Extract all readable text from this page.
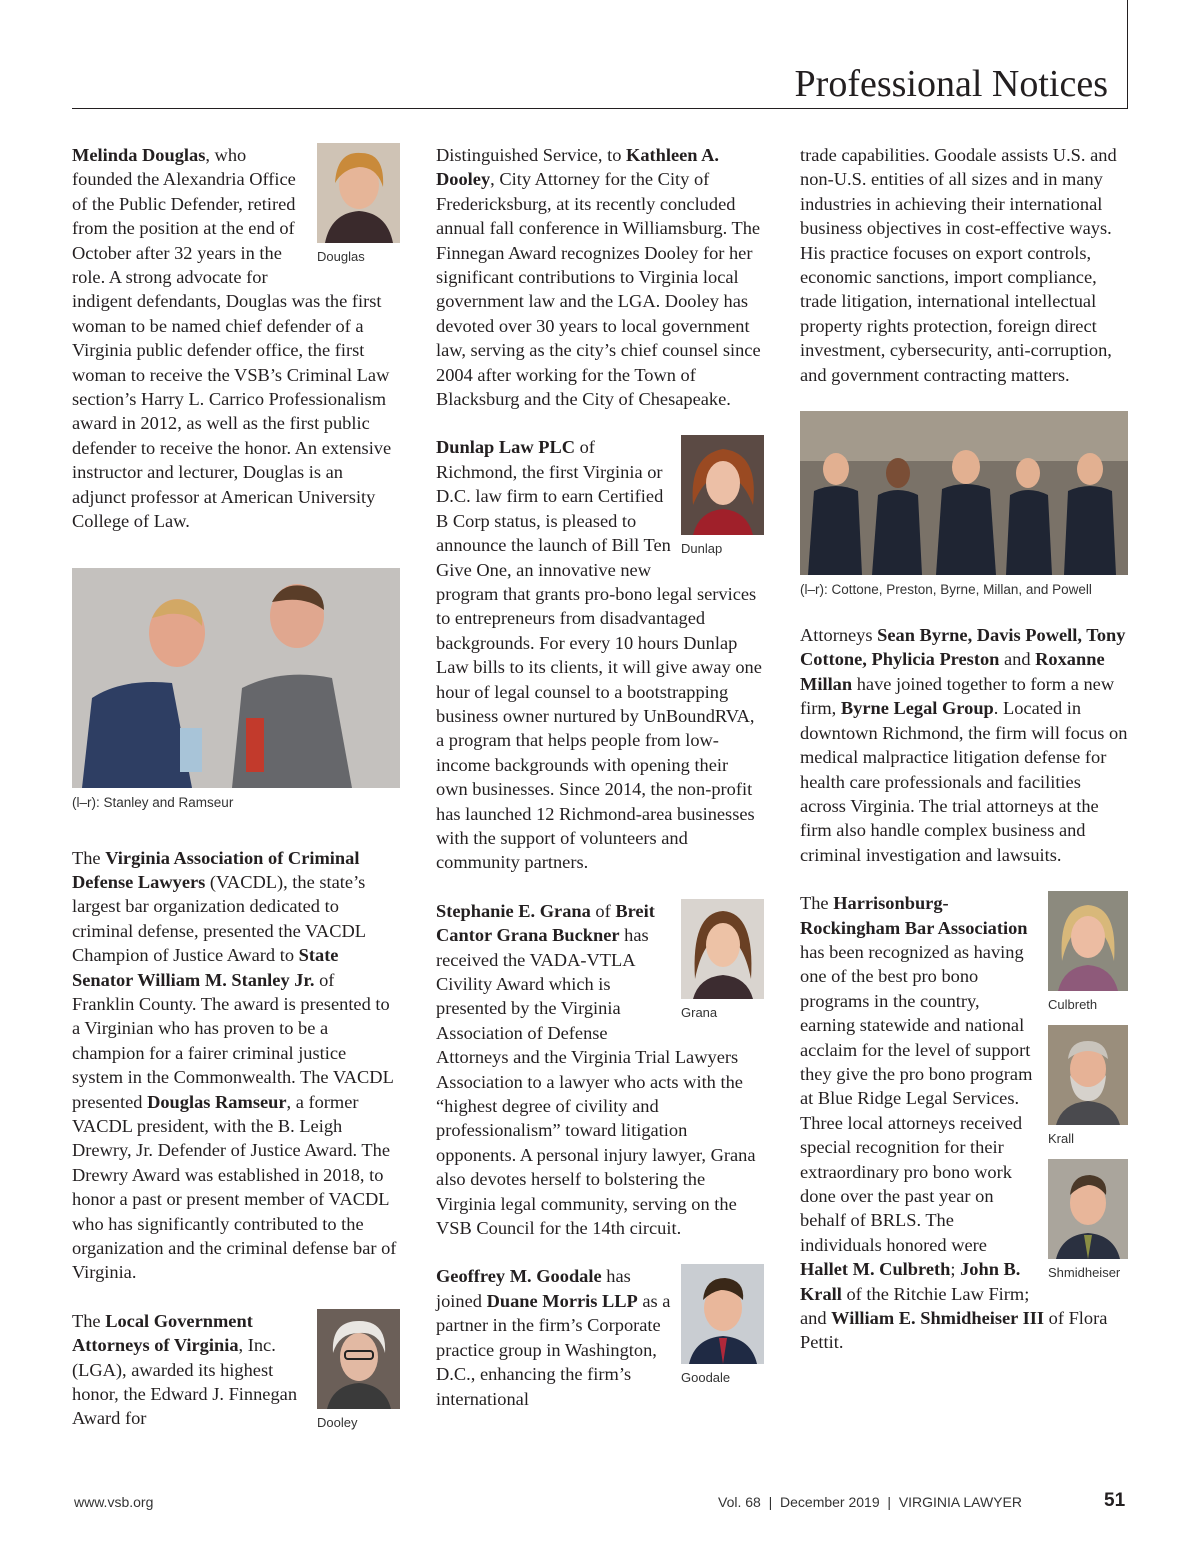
Professional Notices
Douglas

Melinda Douglas, who founded the Alexandria Office of the Public Defender, retired from the position at the end of October after 32 years in the role. A strong advocate for indigent defendants, Douglas was the first woman to be named chief defender of a Virginia public defender office, the first woman to receive the VSB’s Criminal Law section’s Harry L. Carrico Professionalism award in 2012, as well as the first public defender to receive the honor. An extensive instructor and lecturer, Douglas is an adjunct professor at American University College of Law.

(l–r): Stanley and Ramseur

The Virginia Association of Criminal Defense Lawyers (VACDL), the state’s largest bar organization dedicated to criminal defense, presented the VACDL Champion of Justice Award to State Senator William M. Stanley Jr. of Franklin County. The award is presented to a Virginian who has proven to be a champion for a fairer criminal justice system in the Commonwealth. The VACDL presented Douglas Ramseur, a former VACDL president, with the B. Leigh Drewry, Jr. Defender of Justice Award. The Drewry Award was established in 2018, to honor a past or present member of VACDL who has significantly contributed to the organization and the criminal defense bar of Virginia.

Dooley

The Local Government Attorneys of Virginia, Inc. (LGA), awarded its highest honor, the Edward J. Finnegan Award for

Distinguished Service, to Kathleen A. Dooley, City Attorney for the City of Fredericksburg, at its recently concluded annual fall conference in Williamsburg. The Finnegan Award recognizes Dooley for her significant contributions to Virginia local government law and the LGA. Dooley has devoted over 30 years to local government law, serving as the city’s chief counsel since 2004 after working for the Town of Blacksburg and the City of Chesapeake.

Dunlap

Dunlap Law PLC of Richmond, the first Virginia or D.C. law firm to earn Certified B Corp status, is pleased to announce the launch of Bill Ten Give One, an innovative new program that grants pro-bono legal services to entrepreneurs from disadvantaged backgrounds. For every 10 hours Dunlap Law bills to its clients, it will give away one hour of legal counsel to a bootstrapping business owner nurtured by UnBoundRVA, a program that helps people from low-income backgrounds with opening their own businesses. Since 2014, the non-profit has launched 12 Richmond-area businesses with the support of volunteers and community partners.

Grana

Stephanie E. Grana of Breit Cantor Grana Buckner has received the VADA-VTLA Civility Award which is presented by the Virginia Association of Defense Attorneys and the Virginia Trial Lawyers Association to a lawyer who acts with the “highest degree of civility and professionalism” toward litigation opponents. A personal injury lawyer, Grana also devotes herself to bolstering the Virginia legal community, serving on the VSB Council for the 14th circuit.

Goodale

Geoffrey M. Goodale has joined Duane Morris LLP as a partner in the firm’s Corporate practice group in Washington, D.C., enhancing the firm’s international

trade capabilities. Goodale assists U.S. and non-U.S. entities of all sizes and in many industries in achieving their international business objectives in cost-effective ways. His practice focuses on export controls, economic sanctions, import compliance, trade litigation, international intellectual property rights protection, foreign direct investment, cybersecurity, anti-corruption, and government contracting matters.

(l–r): Cottone, Preston, Byrne, Millan, and Powell

Attorneys Sean Byrne, Davis Powell, Tony Cottone, Phylicia Preston and Roxanne Millan have joined together to form a new firm, Byrne Legal Group. Located in downtown Richmond, the firm will focus on medical malpractice litigation defense for health care professionals and facilities across Virginia. The trial attorneys at the firm also handle complex business and criminal investigation and lawsuits.

Culbreth
Krall
Shmidheiser

The Harrisonburg-Rockingham Bar Association has been recognized as having one of the best pro bono programs in the country, earning statewide and national acclaim for the level of support they give the pro bono program at Blue Ridge Legal Services. Three local attorneys received special recognition for their extraordinary pro bono work done over the past year on behalf of BRLS. The individuals honored were Hallet M. Culbreth; John B. Krall of the Ritchie Law Firm; and William E. Shmidheiser III of Flora Pettit.

www.vsb.org	Vol. 68  |  December 2019  |  VIRGINIA LAWYER	51
